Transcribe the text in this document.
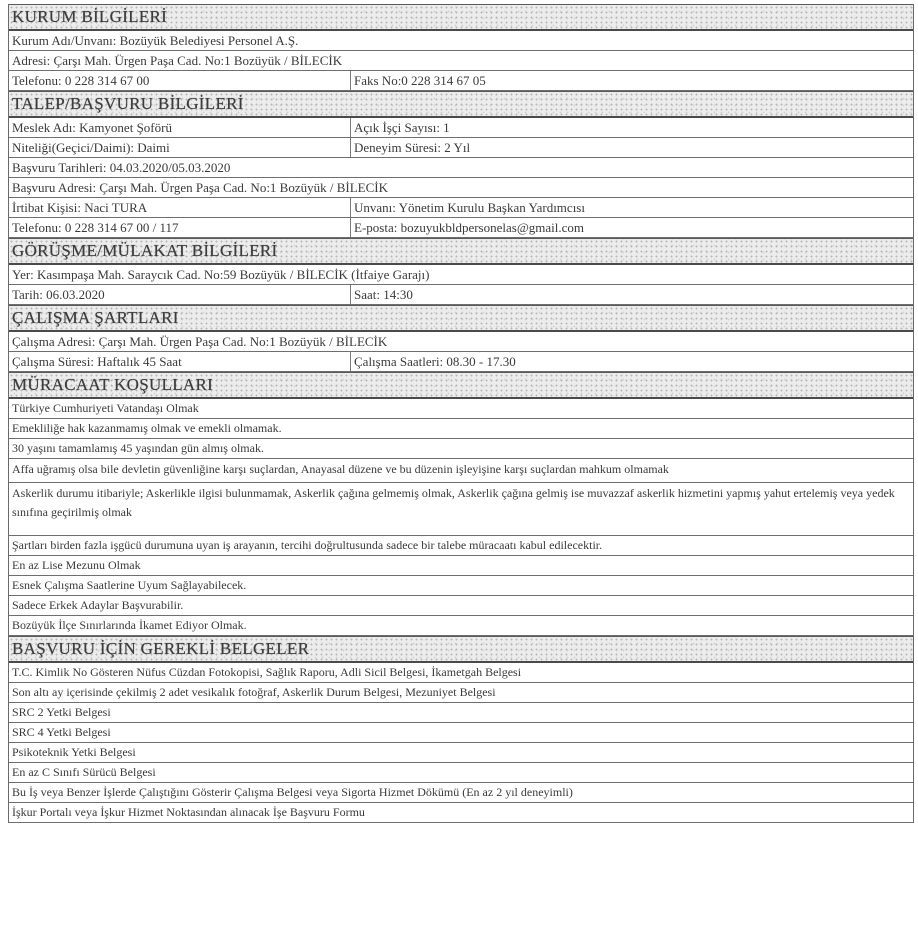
KURUM BİLGİLERİ
Kurum Adı/Unvanı: Bozüyük Belediyesi Personel A.Ş.
Adresi: Çarşı Mah. Ürgen Paşa Cad. No:1 Bozüyük / BİLECİK
Telefonu: 0 228 314 67 00	Faks No:0 228 314 67 05
TALEP/BAŞVURU BİLGİLERİ
Meslek Adı: Kamyonet Şoförü	Açık İşçi Sayısı: 1
Niteliği(Geçici/Daimi): Daimi	Deneyim Süresi: 2 Yıl
Başvuru Tarihleri: 04.03.2020/05.03.2020
Başvuru Adresi: Çarşı Mah. Ürgen Paşa Cad. No:1 Bozüyük / BİLECİK
İrtibat Kişisi: Naci TURA	Unvanı: Yönetim Kurulu Başkan Yardımcısı
Telefonu: 0 228 314 67 00 / 117	E-posta: bozuyukbldpersonelas@gmail.com
GÖRÜŞME/MÜLAKAT BİLGİLERİ
Yer: Kasımpaşa Mah. Saraycık Cad. No:59 Bozüyük / BİLECİK (İtfaiye Garajı)
Tarih: 06.03.2020	Saat: 14:30
ÇALIŞMA ŞARTLARI
Çalışma Adresi: Çarşı Mah. Ürgen Paşa Cad. No:1 Bozüyük / BİLECİK
Çalışma Süresi: Haftalık 45 Saat	Çalışma Saatleri: 08.30 - 17.30
MÜRACAAT KOŞULLARI
Türkiye Cumhuriyeti Vatandaşı Olmak
Emekliliğe hak kazanmamış olmak ve emekli olmamak.
30 yaşını tamamlamış 45 yaşından gün almış olmak.
Affa uğramış olsa bile devletin güvenliğine karşı suçlardan, Anayasal düzene ve bu düzenin işleyişine karşı suçlardan mahkum olmamak
Askerlik durumu itibariyle; Askerlikle ilgisi bulunmamak, Askerlik çağına gelmemiş olmak, Askerlik çağına gelmiş ise muvazzaf askerlik hizmetini yapmış yahut ertelemiş veya yedek sınıfına geçirilmiş olmak
Şartları birden fazla işgücü durumuna uyan iş arayanın, tercihi doğrultusunda sadece bir talebe müracaatı kabul edilecektir.
En az Lise Mezunu Olmak
Esnek Çalışma Saatlerine Uyum Sağlayabilecek.
Sadece Erkek Adaylar Başvurabilir.
Bozüyük İlçe Sınırlarında İkamet Ediyor Olmak.
BAŞVURU İÇİN GEREKLİ BELGELER
T.C. Kimlik No Gösteren Nüfus Cüzdan Fotokopisi, Sağlık Raporu, Adli Sicil Belgesi, İkametgah Belgesi
Son altı ay içerisinde çekilmiş 2 adet vesikalık fotoğraf, Askerlik Durum Belgesi, Mezuniyet Belgesi
SRC 2 Yetki Belgesi
SRC 4 Yetki Belgesi
Psikoteknik Yetki Belgesi
En az C Sınıfı Sürücü Belgesi
Bu İş veya Benzer İşlerde Çalıştığını Gösterir Çalışma Belgesi veya Sigorta Hizmet Dökümü (En az 2 yıl deneyimli)
İşkur Portalı veya İşkur Hizmet Noktasından alınacak İşe Başvuru Formu
